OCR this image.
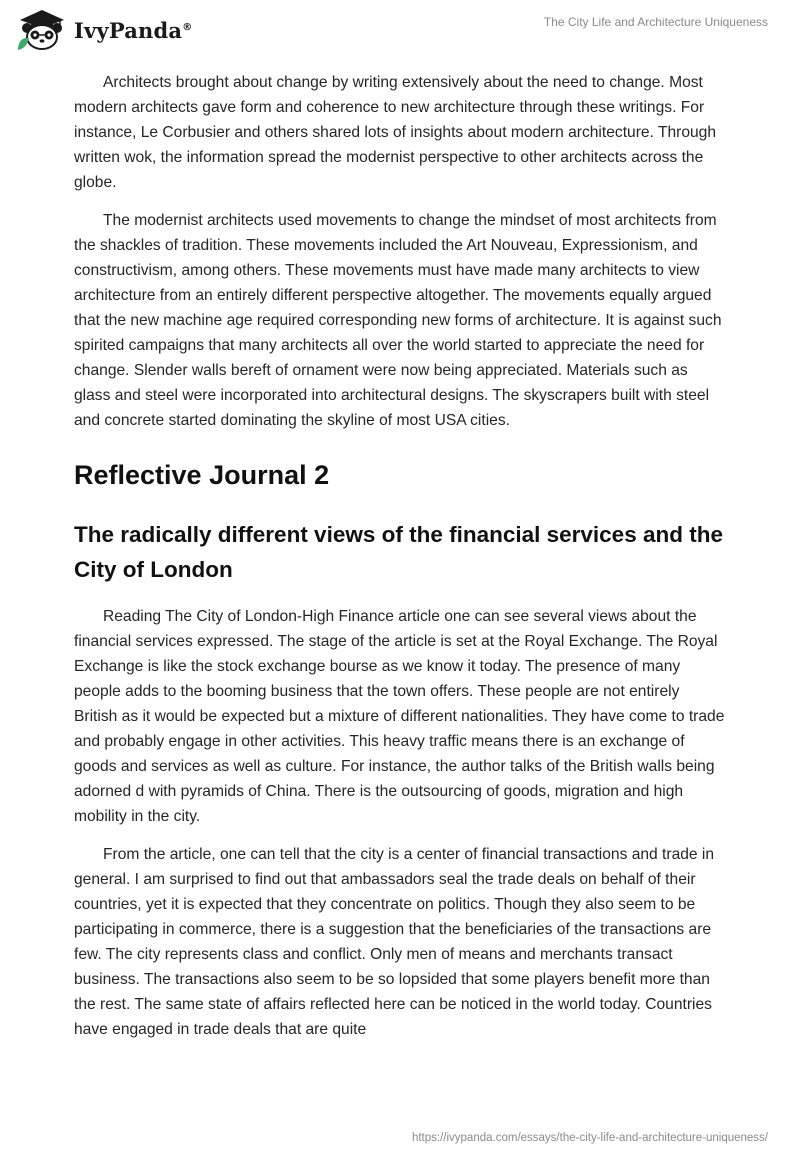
IvyPanda®	The City Life and Architecture Uniqueness

Architects brought about change by writing extensively about the need to change. Most modern architects gave form and coherence to new architecture through these writings. For instance, Le Corbusier and others shared lots of insights about modern architecture. Through written wok, the information spread the modernist perspective to other architects across the globe.

The modernist architects used movements to change the mindset of most architects from the shackles of tradition. These movements included the Art Nouveau, Expressionism, and constructivism, among others. These movements must have made many architects to view architecture from an entirely different perspective altogether. The movements equally argued that the new machine age required corresponding new forms of architecture. It is against such spirited campaigns that many architects all over the world started to appreciate the need for change. Slender walls bereft of ornament were now being appreciated. Materials such as glass and steel were incorporated into architectural designs. The skyscrapers built with steel and concrete started dominating the skyline of most USA cities.

Reflective Journal 2
The radically different views of the financial services and the City of London

Reading The City of London-High Finance article one can see several views about the financial services expressed. The stage of the article is set at the Royal Exchange. The Royal Exchange is like the stock exchange bourse as we know it today. The presence of many people adds to the booming business that the town offers. These people are not entirely British as it would be expected but a mixture of different nationalities. They have come to trade and probably engage in other activities. This heavy traffic means there is an exchange of goods and services as well as culture. For instance, the author talks of the British walls being adorned d with pyramids of China. There is the outsourcing of goods, migration and high mobility in the city.

From the article, one can tell that the city is a center of financial transactions and trade in general. I am surprised to find out that ambassadors seal the trade deals on behalf of their countries, yet it is expected that they concentrate on politics. Though they also seem to be participating in commerce, there is a suggestion that the beneficiaries of the transactions are few. The city represents class and conflict. Only men of means and merchants transact business. The transactions also seem to be so lopsided that some players benefit more than the rest. The same state of affairs reflected here can be noticed in the world today. Countries have engaged in trade deals that are quite

https://ivypanda.com/essays/the-city-life-and-architecture-uniqueness/
